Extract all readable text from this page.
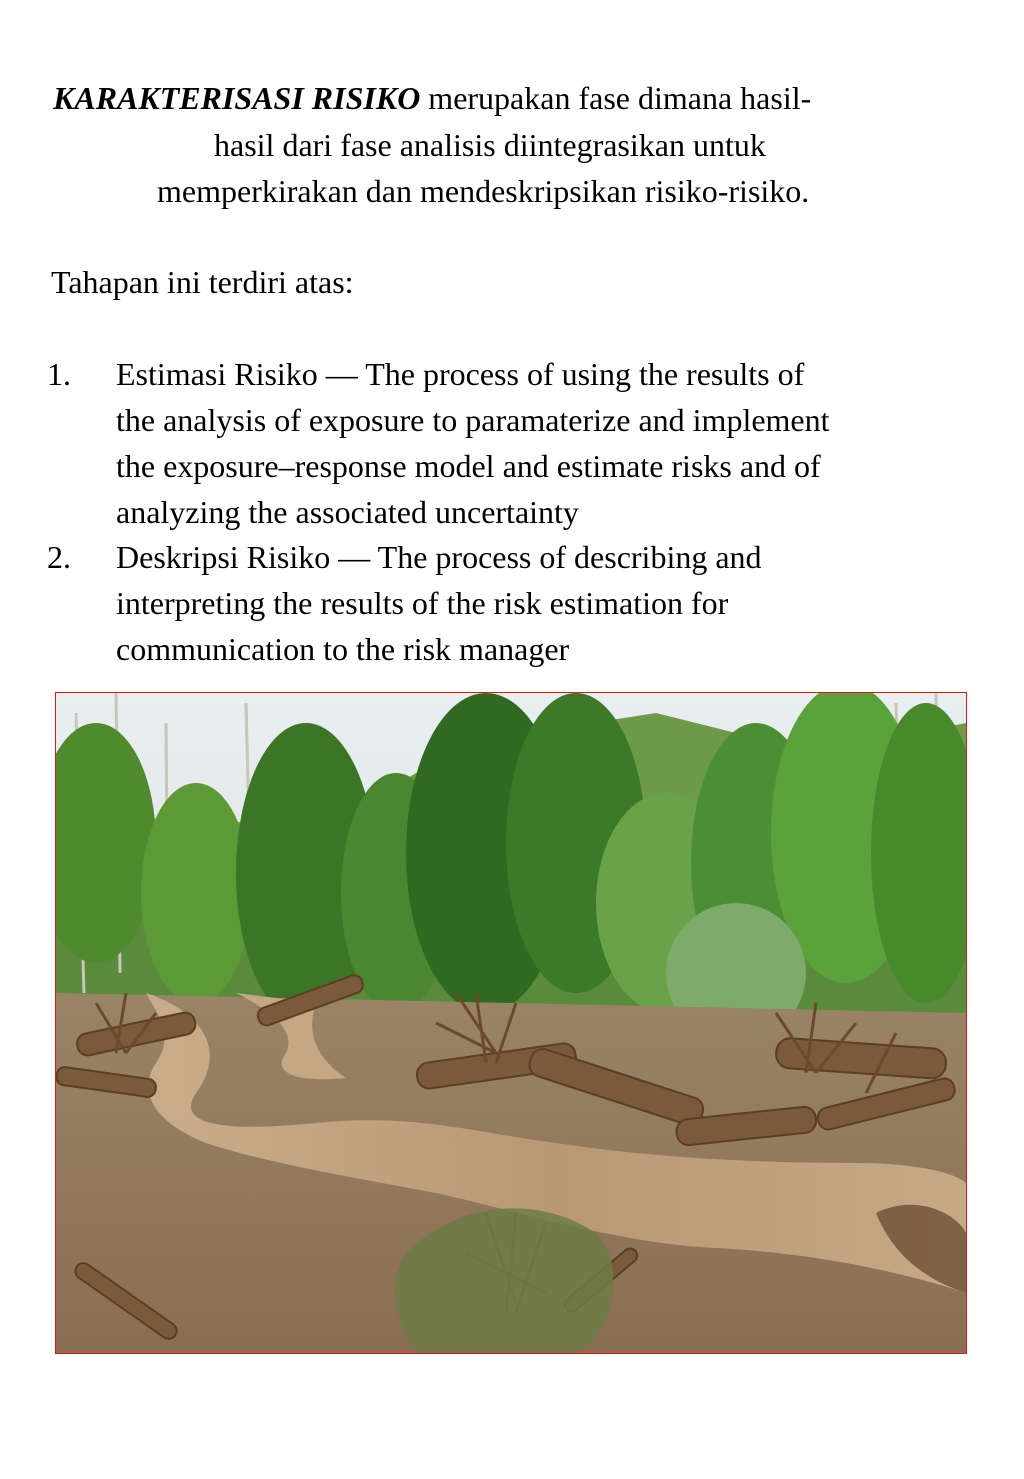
KARAKTERISASI RISIKO merupakan fase dimana hasil-
hasil dari fase analisis diintegrasikan untuk
memperkirakan dan mendeskripsikan risiko-risiko.
Tahapan ini terdiri atas:
1. Estimasi Risiko — The process of using the results of
the analysis of exposure to paramaterize and implement
the exposure–response model and estimate risks and of
analyzing the associated uncertainty
2. Deskripsi Risiko — The process of describing and
interpreting the results of the risk estimation for
communication to the risk manager
